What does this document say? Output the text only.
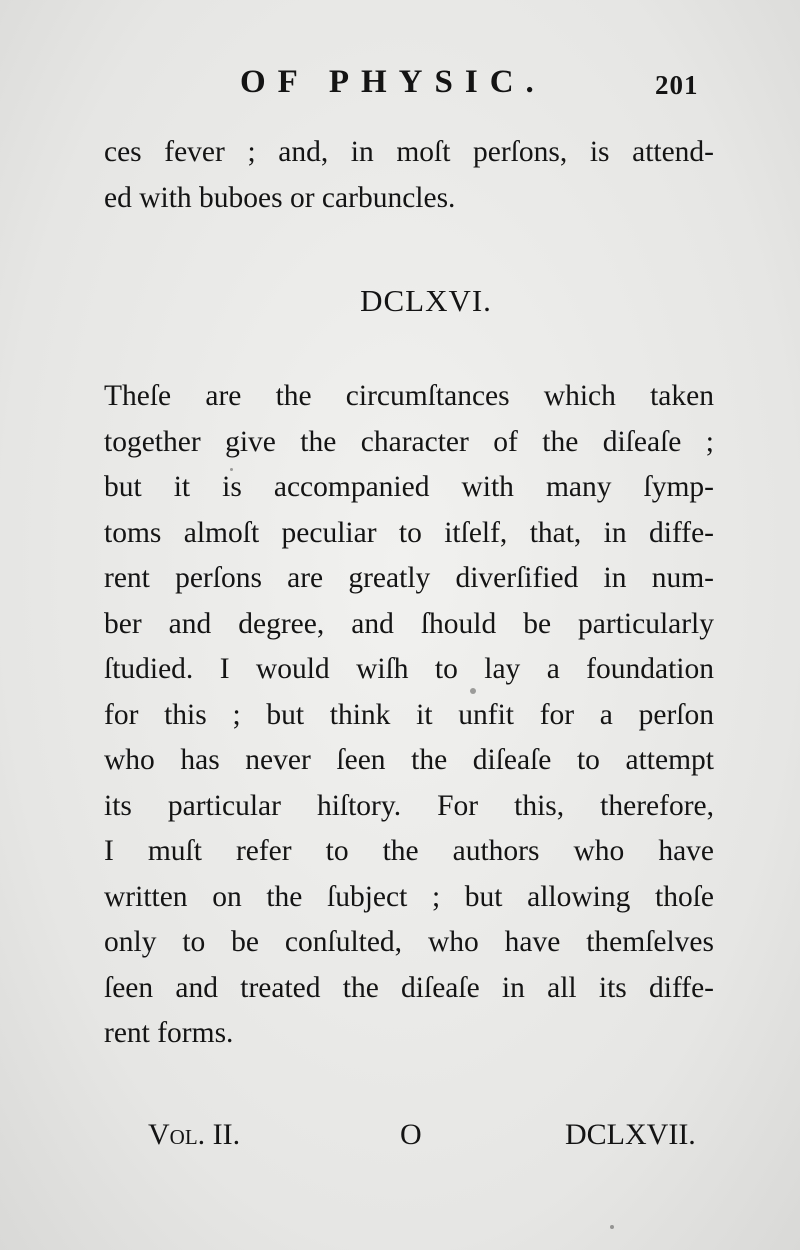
OF PHYSIC.	201
ces fever ; and, in moſt perſons, is attend-
ed with buboes or carbuncles.
DCLXVI.
Theſe are the circumſtances which taken
together give the character of the diſeaſe ;
but it is accompanied with many ſymp-
toms almoſt peculiar to itſelf, that, in diffe-
rent perſons are greatly diverſified in num-
ber and degree, and ſhould be particularly
ſtudied. I would wiſh to lay a foundation
for this ; but think it unfit for a perſon
who has never ſeen the diſeaſe to attempt
its particular hiſtory. For this, therefore,
I muſt refer to the authors who have
written on the ſubject ; but allowing thoſe
only to be conſulted, who have themſelves
ſeen and treated the diſeaſe in all its diffe-
rent forms.
Vol. II.	O	DCLXVII.
